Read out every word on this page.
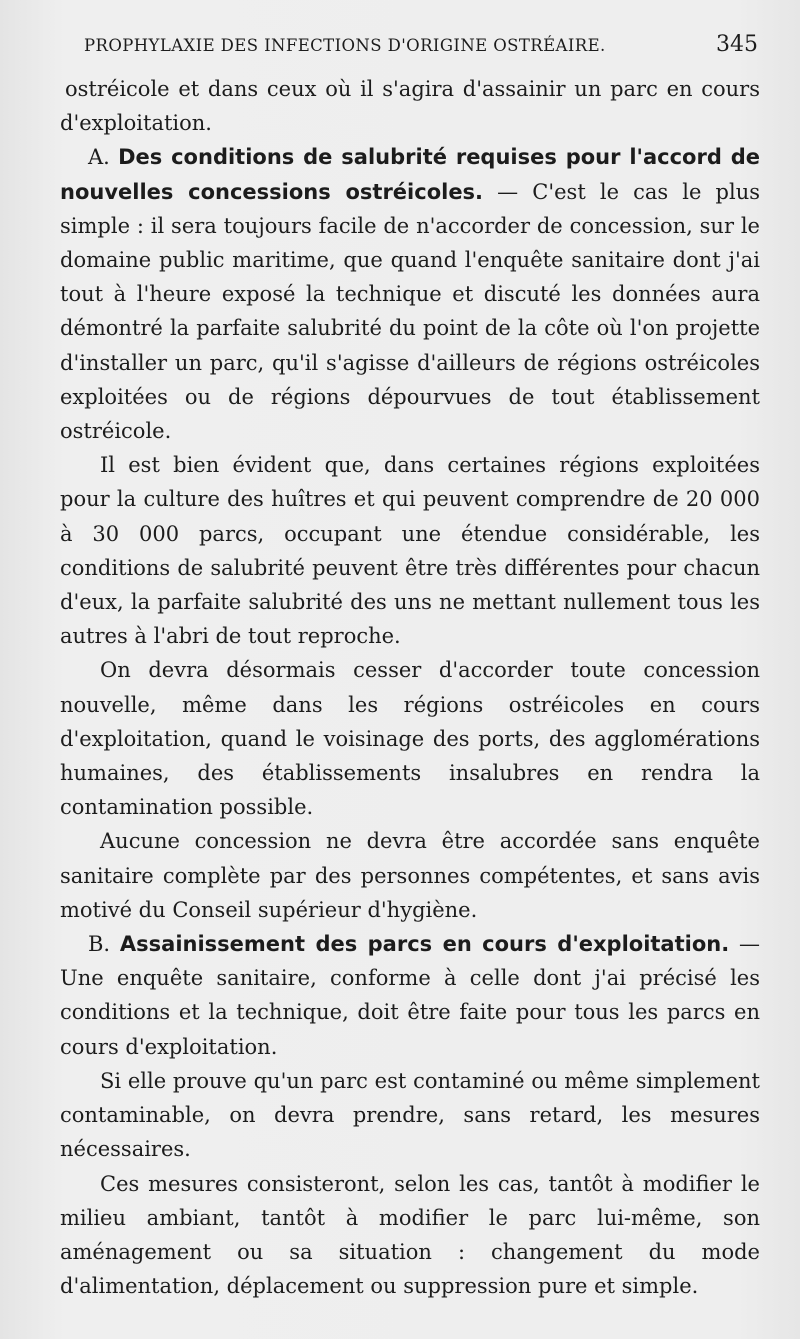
PROPHYLAXIE DES INFECTIONS D'ORIGINE OSTRÉAIRE.	345

ostréicole et dans ceux où il s'agira d'assainir un parc en cours d'exploitation.

A. Des conditions de salubrité requises pour l'accord de nouvelles concessions ostréicoles. — C'est le cas le plus simple : il sera toujours facile de n'accorder de concession, sur le domaine public maritime, que quand l'enquête sanitaire dont j'ai tout à l'heure exposé la technique et discuté les données aura démontré la parfaite salubrité du point de la côte où l'on projette d'installer un parc, qu'il s'agisse d'ailleurs de régions ostréicoles exploitées ou de régions dépourvues de tout établissement ostréicole.

Il est bien évident que, dans certaines régions exploitées pour la culture des huîtres et qui peuvent comprendre de 20 000 à 30 000 parcs, occupant une étendue considérable, les conditions de salubrité peuvent être très différentes pour chacun d'eux, la parfaite salubrité des uns ne mettant nullement tous les autres à l'abri de tout reproche.

On devra désormais cesser d'accorder toute concession nouvelle, même dans les régions ostréicoles en cours d'exploitation, quand le voisinage des ports, des agglomérations humaines, des établissements insalubres en rendra la contamination possible.

Aucune concession ne devra être accordée sans enquête sanitaire complète par des personnes compétentes, et sans avis motivé du Conseil supérieur d'hygiène.

B. Assainissement des parcs en cours d'exploitation. — Une enquête sanitaire, conforme à celle dont j'ai précisé les conditions et la technique, doit être faite pour tous les parcs en cours d'exploitation.

Si elle prouve qu'un parc est contaminé ou même simplement contaminable, on devra prendre, sans retard, les mesures nécessaires.

Ces mesures consisteront, selon les cas, tantôt à modifier le milieu ambiant, tantôt à modifier le parc lui-même, son aménagement ou sa situation : changement du mode d'alimentation, déplacement ou suppression pure et simple.
